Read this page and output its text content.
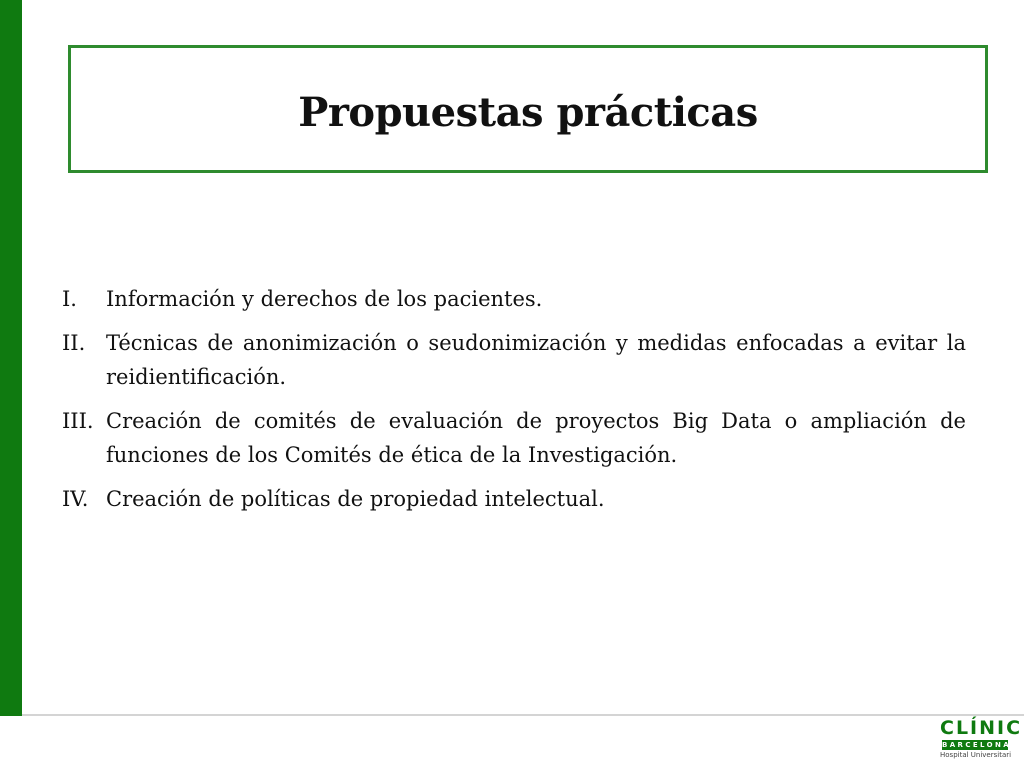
Propuestas prácticas
I.	Información y derechos de los pacientes.
II. Técnicas de anonimización o seudonimización y medidas enfocadas a evitar la reidientificación.
III. Creación de comités de evaluación de proyectos Big Data o ampliación de funciones de los Comités de ética de la Investigación.
IV. Creación de políticas de propiedad intelectual.
CLÍNIC
BARCELONA
Hospital Universitari
